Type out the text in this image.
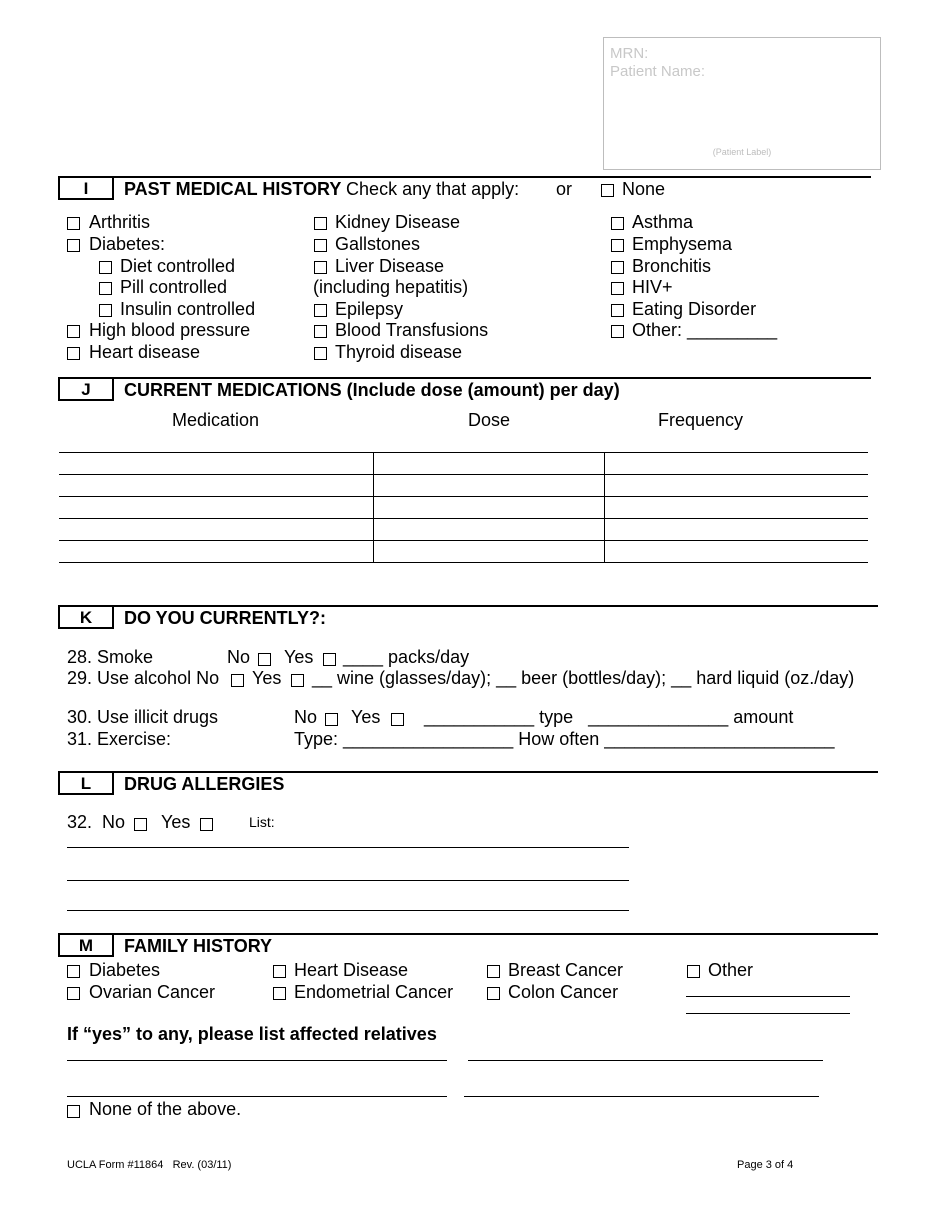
MRN:
Patient Name:
(Patient Label)
I	PAST MEDICAL HISTORY Check any that apply: or	None
Arthritis
Diabetes:
Diet controlled
Pill controlled
Insulin controlled
High blood pressure
Heart disease
Kidney Disease
Gallstones
Liver Disease
(including hepatitis)
Epilepsy
Blood Transfusions
Thyroid disease
Asthma
Emphysema
Bronchitis
HIV+
Eating Disorder
Other: _________
J	CURRENT MEDICATIONS (Include dose (amount) per day)
Medication	Dose	Frequency

K	DO YOU CURRENTLY?:
28. Smoke	No Yes ____ packs/day
29. Use alcohol No Yes __ wine (glasses/day); __ beer (bottles/day); __ hard liquid (oz./day)
30. Use illicit drugs	No Yes ___________ type   ______________ amount
31. Exercise:	Type: _________________ How often _______________________
L	DRUG ALLERGIES
32.  No Yes	List:
M	FAMILY HISTORY
Diabetes	Heart Disease	Breast Cancer	Other
Ovarian Cancer	Endometrial Cancer	Colon Cancer
If “yes” to any, please list affected relatives
None of the above.
UCLA Form #11864   Rev. (03/11)	Page 3 of 4
